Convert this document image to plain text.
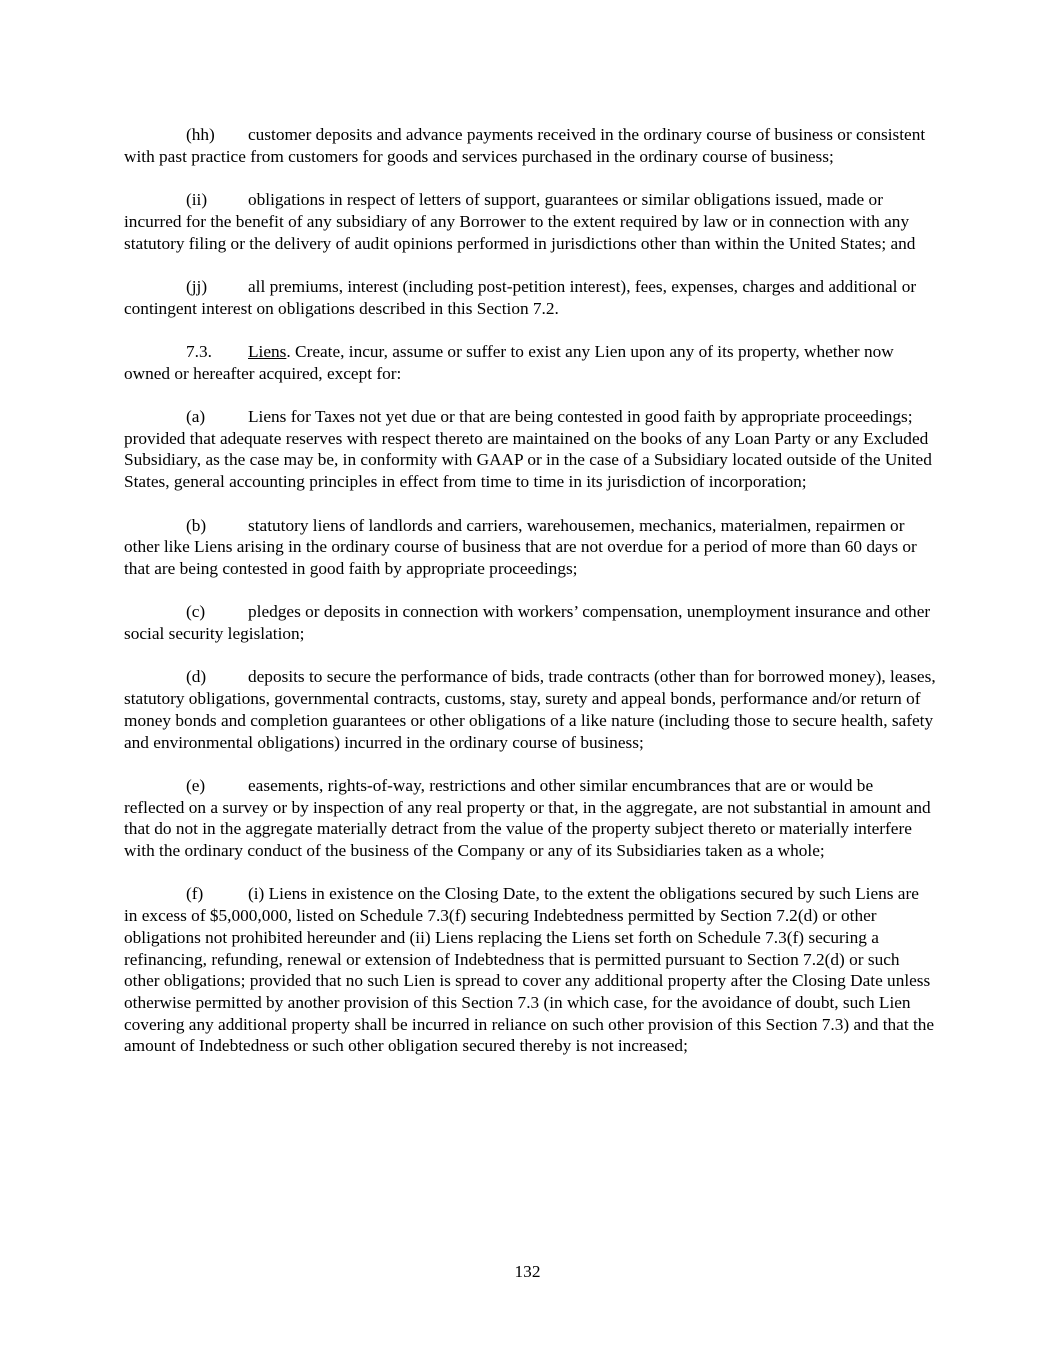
(hh) customer deposits and advance payments received in the ordinary course of business or consistent with past practice from customers for goods and services purchased in the ordinary course of business;

(ii) obligations in respect of letters of support, guarantees or similar obligations issued, made or incurred for the benefit of any subsidiary of any Borrower to the extent required by law or in connection with any statutory filing or the delivery of audit opinions performed in jurisdictions other than within the United States; and

(jj) all premiums, interest (including post-petition interest), fees, expenses, charges and additional or contingent interest on obligations described in this Section 7.2.

7.3. Liens. Create, incur, assume or suffer to exist any Lien upon any of its property, whether now owned or hereafter acquired, except for:

(a) Liens for Taxes not yet due or that are being contested in good faith by appropriate proceedings; provided that adequate reserves with respect thereto are maintained on the books of any Loan Party or any Excluded Subsidiary, as the case may be, in conformity with GAAP or in the case of a Subsidiary located outside of the United States, general accounting principles in effect from time to time in its jurisdiction of incorporation;

(b) statutory liens of landlords and carriers, warehousemen, mechanics, materialmen, repairmen or other like Liens arising in the ordinary course of business that are not overdue for a period of more than 60 days or that are being contested in good faith by appropriate proceedings;

(c) pledges or deposits in connection with workers’ compensation, unemployment insurance and other social security legislation;

(d) deposits to secure the performance of bids, trade contracts (other than for borrowed money), leases, statutory obligations, governmental contracts, customs, stay, surety and appeal bonds, performance and/or return of money bonds and completion guarantees or other obligations of a like nature (including those to secure health, safety and environmental obligations) incurred in the ordinary course of business;

(e) easements, rights-of-way, restrictions and other similar encumbrances that are or would be reflected on a survey or by inspection of any real property or that, in the aggregate, are not substantial in amount and that do not in the aggregate materially detract from the value of the property subject thereto or materially interfere with the ordinary conduct of the business of the Company or any of its Subsidiaries taken as a whole;

(f)	(i) Liens in existence on the Closing Date, to the extent the obligations secured by such Liens are in excess of $5,000,000, listed on Schedule 7.3(f) securing Indebtedness permitted by Section 7.2(d) or other obligations not prohibited hereunder and (ii) Liens replacing the Liens set forth on Schedule 7.3(f) securing a refinancing, refunding, renewal or extension of Indebtedness that is permitted pursuant to Section 7.2(d) or such other obligations; provided that no such Lien is spread to cover any additional property after the Closing Date unless otherwise permitted by another provision of this Section 7.3 (in which case, for the avoidance of doubt, such Lien covering any additional property shall be incurred in reliance on such other provision of this Section 7.3) and that the amount of Indebtedness or such other obligation secured thereby is not increased;

132
